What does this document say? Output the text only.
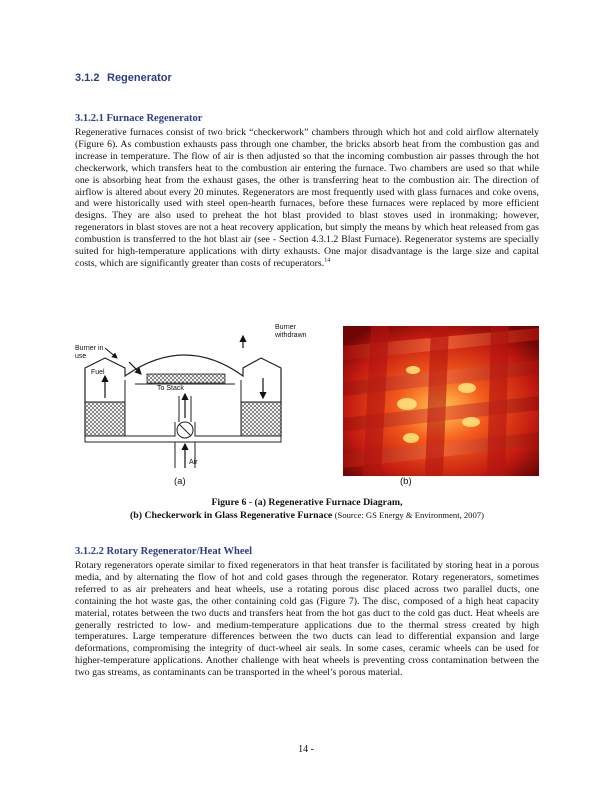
3.1.2 Regenerator
3.1.2.1 Furnace Regenerator

Regenerative furnaces consist of two brick “checkerwork” chambers through which hot and cold airflow alternately (Figure 6). As combustion exhausts pass through one chamber, the bricks absorb heat from the combustion gas and increase in temperature. The flow of air is then adjusted so that the incoming combustion air passes through the hot checkerwork, which transfers heat to the combustion air entering the furnace. Two chambers are used so that while one is absorbing heat from the exhaust gases, the other is transferring heat to the combustion air. The direction of airflow is altered about every 20 minutes. Regenerators are most frequently used with glass furnaces and coke ovens, and were historically used with steel open-hearth furnaces, before these furnaces were replaced by more efficient designs. They are also used to preheat the hot blast provided to blast stoves used in ironmaking; however, regenerators in blast stoves are not a heat recovery application, but simply the means by which heat released from gas combustion is transferred to the hot blast air (see - Section 4.3.1.2 Blast Furnace). Regenerator systems are specially suited for high-temperature applications with dirty exhausts. One major disadvantage is the large size and capital costs, which are significantly greater than costs of recuperators.$^{14}$

Burner in
use
Burner
withdrawn
Fuel
To Stack
Air
(a)	(b)
Figure 6 - (a) Regenerative Furnace Diagram,
(b) Checkerwork in Glass Regenerative Furnace (Source: GS Energy & Environment, 2007)
3.1.2.2 Rotary Regenerator/Heat Wheel

Rotary regenerators operate similar to fixed regenerators in that heat transfer is facilitated by storing heat in a porous media, and by alternating the flow of hot and cold gases through the regenerator. Rotary regenerators, sometimes referred to as air preheaters and heat wheels, use a rotating porous disc placed across two parallel ducts, one containing the hot waste gas, the other containing cold gas (Figure 7). The disc, composed of a high heat capacity material, rotates between the two ducts and transfers heat from the hot gas duct to the cold gas duct. Heat wheels are generally restricted to low- and medium-temperature applications due to the thermal stress created by high temperatures. Large temperature differences between the two ducts can lead to differential expansion and large deformations, compromising the integrity of duct-wheel air seals. In some cases, ceramic wheels can be used for higher-temperature applications. Another challenge with heat wheels is preventing cross contamination between the two gas streams, as contaminants can be transported in the wheel’s porous material.

14 -
